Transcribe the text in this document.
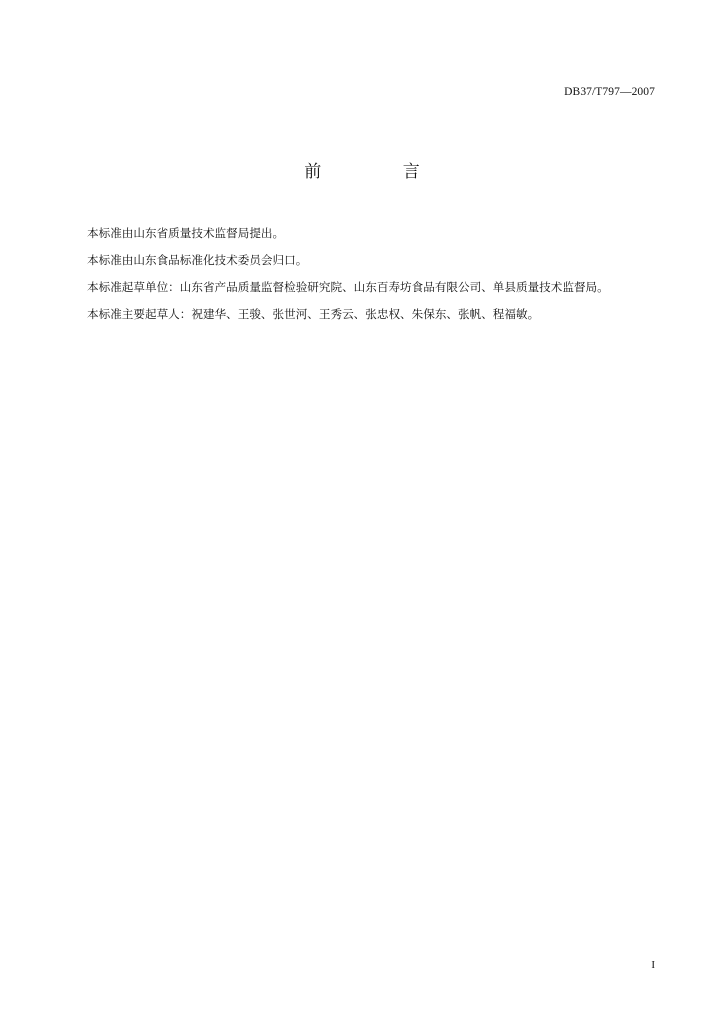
DB37/T797—2007
前 言
本标准由山东省质量技术监督局提出。
本标准由山东食品标准化技术委员会归口。
本标准起草单位：山东省产品质量监督检验研究院、山东百寿坊食品有限公司、单县质量技术监督局。
本标准主要起草人：祝建华、王骏、张世河、王秀云、张忠权、朱保东、张帆、程福敏。
I
